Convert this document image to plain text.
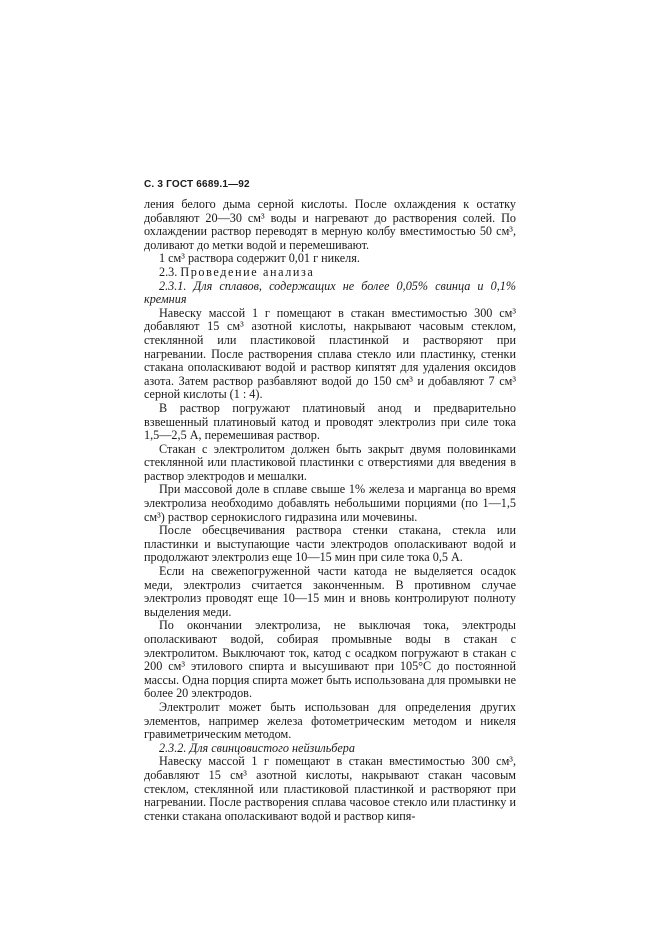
С. 3 ГОСТ 6689.1—92

ления белого дыма серной кислоты. После охлаждения к остатку добавляют 20—30 см³ воды и нагревают до растворения солей. По охлаждении раствор переводят в мерную колбу вместимостью 50 см³, доливают до метки водой и перемешивают.

1 см³ раствора содержит 0,01 г никеля.

2.3. Проведение анализа

2.3.1. Для сплавов, содержащих не более 0,05% свинца и 0,1% кремния

Навеску массой 1 г помещают в стакан вместимостью 300 см³ добавляют 15 см³ азотной кислоты, накрывают часовым стеклом, стеклянной или пластиковой пластинкой и растворяют при нагревании. После растворения сплава стекло или пластинку, стенки стакана ополаскивают водой и раствор кипятят для удаления оксидов азота. Затем раствор разбавляют водой до 150 см³ и добавляют 7 см³ серной кислоты (1 : 4).

В раствор погружают платиновый анод и предварительно взвешенный платиновый катод и проводят электролиз при силе тока 1,5—2,5 А, перемешивая раствор.

Стакан с электролитом должен быть закрыт двумя половинками стеклянной или пластиковой пластинки с отверстиями для введения в раствор электродов и мешалки.

При массовой доле в сплаве свыше 1% железа и марганца во время электролиза необходимо добавлять небольшими порциями (по 1—1,5 см³) раствор сернокислого гидразина или мочевины.

После обесцвечивания раствора стенки стакана, стекла или пластинки и выступающие части электродов ополаскивают водой и продолжают электролиз еще 10—15 мин при силе тока 0,5 А.

Если на свежепогруженной части катода не выделяется осадок меди, электролиз считается законченным. В противном случае электролиз проводят еще 10—15 мин и вновь контролируют полноту выделения меди.

По окончании электролиза, не выключая тока, электроды ополаскивают водой, собирая промывные воды в стакан с электролитом. Выключают ток, катод с осадком погружают в стакан с 200 см³ этилового спирта и высушивают при 105°С до постоянной массы. Одна порция спирта может быть использована для промывки не более 20 электродов.

Электролит может быть использован для определения других элементов, например железа фотометрическим методом и никеля гравиметрическим методом.

2.3.2. Для свинцовистого нейзильбера

Навеску массой 1 г помещают в стакан вместимостью 300 см³, добавляют 15 см³ азотной кислоты, накрывают стакан часовым стеклом, стеклянной или пластиковой пластинкой и растворяют при нагревании. После растворения сплава часовое стекло или пластинку и стенки стакана ополаскивают водой и раствор кипя-
